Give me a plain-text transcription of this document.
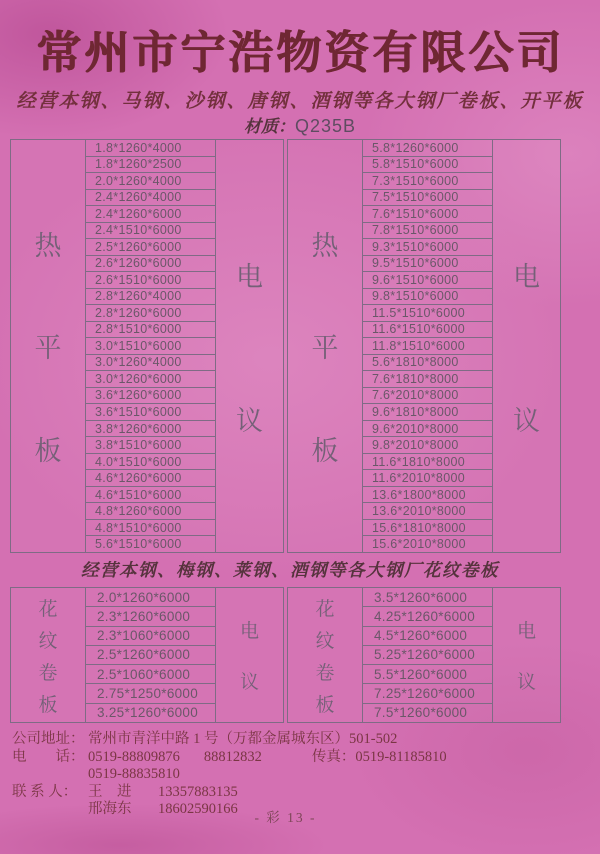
常州市宁浩物资有限公司
经营本钢、马钢、沙钢、唐钢、酒钢等各大钢厂卷板、开平板
材质：Q235B
热
平
板
1.8*1260*4000
1.8*1260*2500
2.0*1260*4000
2.4*1260*4000
2.4*1260*6000
2.4*1510*6000
2.5*1260*6000
2.6*1260*6000
2.6*1510*6000
2.8*1260*4000
2.8*1260*6000
2.8*1510*6000
3.0*1510*6000
3.0*1260*4000
3.0*1260*6000
3.6*1260*6000
3.6*1510*6000
3.8*1260*6000
3.8*1510*6000
4.0*1510*6000
4.6*1260*6000
4.6*1510*6000
4.8*1260*6000
4.8*1510*6000
5.6*1510*6000
电
议
热
平
板
5.8*1260*6000
5.8*1510*6000
7.3*1510*6000
7.5*1510*6000
7.6*1510*6000
7.8*1510*6000
9.3*1510*6000
9.5*1510*6000
9.6*1510*6000
9.8*1510*6000
11.5*1510*6000
11.6*1510*6000
11.8*1510*6000
5.6*1810*8000
7.6*1810*8000
7.6*2010*8000
9.6*1810*8000
9.6*2010*8000
9.8*2010*8000
11.6*1810*8000
11.6*2010*8000
13.6*1800*8000
13.6*2010*8000
15.6*1810*8000
15.6*2010*8000
电
议
经营本钢、梅钢、莱钢、酒钢等各大钢厂花纹卷板
花
纹
卷
板
2.0*1260*6000
2.3*1260*6000
2.3*1060*6000
2.5*1260*6000
2.5*1060*6000
2.75*1250*6000
3.25*1260*6000
电
议
花
纹
卷
板
3.5*1260*6000
4.25*1260*6000
4.5*1260*6000
5.25*1260*6000
5.5*1260*6000
7.25*1260*6000
7.5*1260*6000
电
议
公司地址： 常州市青洋中路 1 号（万都金属城东区）501-502
电　　话： 0519-88809876 88812832	传真： 0519-81185810
0519-88835810
联 系 人： 王　进	13357883135
邢海东	18602590166
- 彩 13 -
